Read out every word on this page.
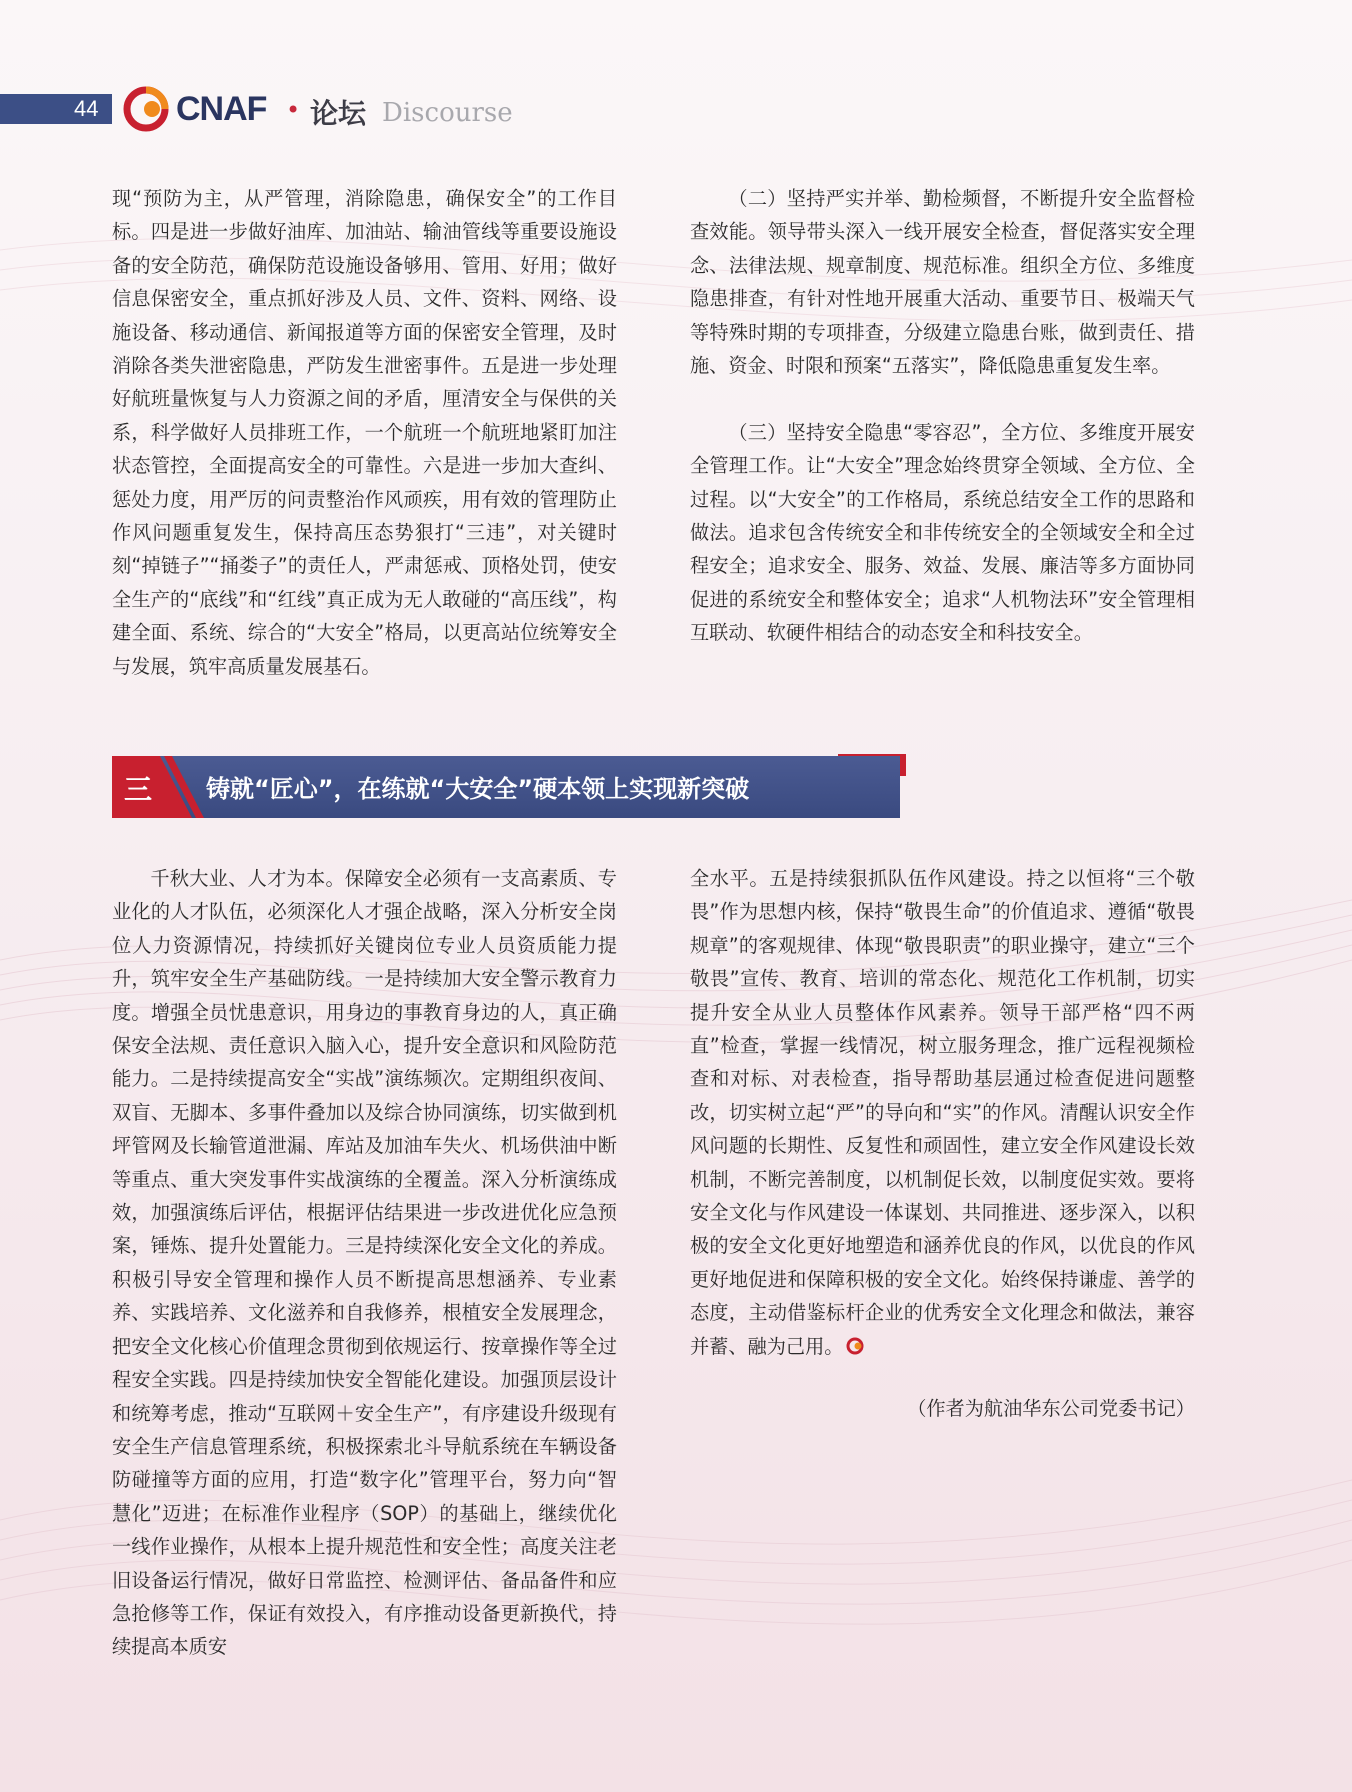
44 CNAF • 论坛 Discourse

现“预防为主，从严管理，消除隐患，确保安全”的工作目标。四是进一步做好油库、加油站、输油管线等重要设施设备的安全防范，确保防范设施设备够用、管用、好用；做好信息保密安全，重点抓好涉及人员、文件、资料、网络、设施设备、移动通信、新闻报道等方面的保密安全管理，及时消除各类失泄密隐患，严防发生泄密事件。五是进一步处理好航班量恢复与人力资源之间的矛盾，厘清安全与保供的关系，科学做好人员排班工作，一个航班一个航班地紧盯加注状态管控，全面提高安全的可靠性。六是进一步加大查纠、惩处力度，用严厉的问责整治作风顽疾，用有效的管理防止作风问题重复发生，保持高压态势狠打“三违”，对关键时刻“掉链子”“捅娄子”的责任人，严肃惩戒、顶格处罚，使安全生产的“底线”和“红线”真正成为无人敢碰的“高压线”，构建全面、系统、综合的“大安全”格局，以更高站位统筹安全与发展，筑牢高质量发展基石。

（二）坚持严实并举、勤检频督，不断提升安全监督检查效能。领导带头深入一线开展安全检查，督促落实安全理念、法律法规、规章制度、规范标准。组织全方位、多维度隐患排查，有针对性地开展重大活动、重要节日、极端天气等特殊时期的专项排查，分级建立隐患台账，做到责任、措施、资金、时限和预案“五落实”，降低隐患重复发生率。

（三）坚持安全隐患“零容忍”，全方位、多维度开展安全管理工作。让“大安全”理念始终贯穿全领域、全方位、全过程。以“大安全”的工作格局，系统总结安全工作的思路和做法。追求包含传统安全和非传统安全的全领域安全和全过程安全；追求安全、服务、效益、发展、廉洁等多方面协同促进的系统安全和整体安全；追求“人机物法环”安全管理相互联动、软硬件相结合的动态安全和科技安全。

三 铸就“匠心”，在练就“大安全”硬本领上实现新突破

千秋大业、人才为本。保障安全必须有一支高素质、专业化的人才队伍，必须深化人才强企战略，深入分析安全岗位人力资源情况，持续抓好关键岗位专业人员资质能力提升，筑牢安全生产基础防线。一是持续加大安全警示教育力度。增强全员忧患意识，用身边的事教育身边的人，真正确保安全法规、责任意识入脑入心，提升安全意识和风险防范能力。二是持续提高安全“实战”演练频次。定期组织夜间、双盲、无脚本、多事件叠加以及综合协同演练，切实做到机坪管网及长输管道泄漏、库站及加油车失火、机场供油中断等重点、重大突发事件实战演练的全覆盖。深入分析演练成效，加强演练后评估，根据评估结果进一步改进优化应急预案，锤炼、提升处置能力。三是持续深化安全文化的养成。积极引导安全管理和操作人员不断提高思想涵养、专业素养、实践培养、文化滋养和自我修养，根植安全发展理念，把安全文化核心价值理念贯彻到依规运行、按章操作等全过程安全实践。四是持续加快安全智能化建设。加强顶层设计和统筹考虑，推动“互联网＋安全生产”，有序建设升级现有安全生产信息管理系统，积极探索北斗导航系统在车辆设备防碰撞等方面的应用，打造“数字化”管理平台，努力向“智慧化”迈进；在标准作业程序（SOP）的基础上，继续优化一线作业操作，从根本上提升规范性和安全性；高度关注老旧设备运行情况，做好日常监控、检测评估、备品备件和应急抢修等工作，保证有效投入，有序推动设备更新换代，持续提高本质安

全水平。五是持续狠抓队伍作风建设。持之以恒将“三个敬畏”作为思想内核，保持“敬畏生命”的价值追求、遵循“敬畏规章”的客观规律、体现“敬畏职责”的职业操守，建立“三个敬畏”宣传、教育、培训的常态化、规范化工作机制，切实提升安全从业人员整体作风素养。领导干部严格“四不两直”检查，掌握一线情况，树立服务理念，推广远程视频检查和对标、对表检查，指导帮助基层通过检查促进问题整改，切实树立起“严”的导向和“实”的作风。清醒认识安全作风问题的长期性、反复性和顽固性，建立安全作风建设长效机制，不断完善制度，以机制促长效，以制度促实效。要将安全文化与作风建设一体谋划、共同推进、逐步深入，以积极的安全文化更好地塑造和涵养优良的作风，以优良的作风更好地促进和保障积极的安全文化。始终保持谦虚、善学的态度，主动借鉴标杆企业的优秀安全文化理念和做法，兼容并蓄、融为己用。

（作者为航油华东公司党委书记）
